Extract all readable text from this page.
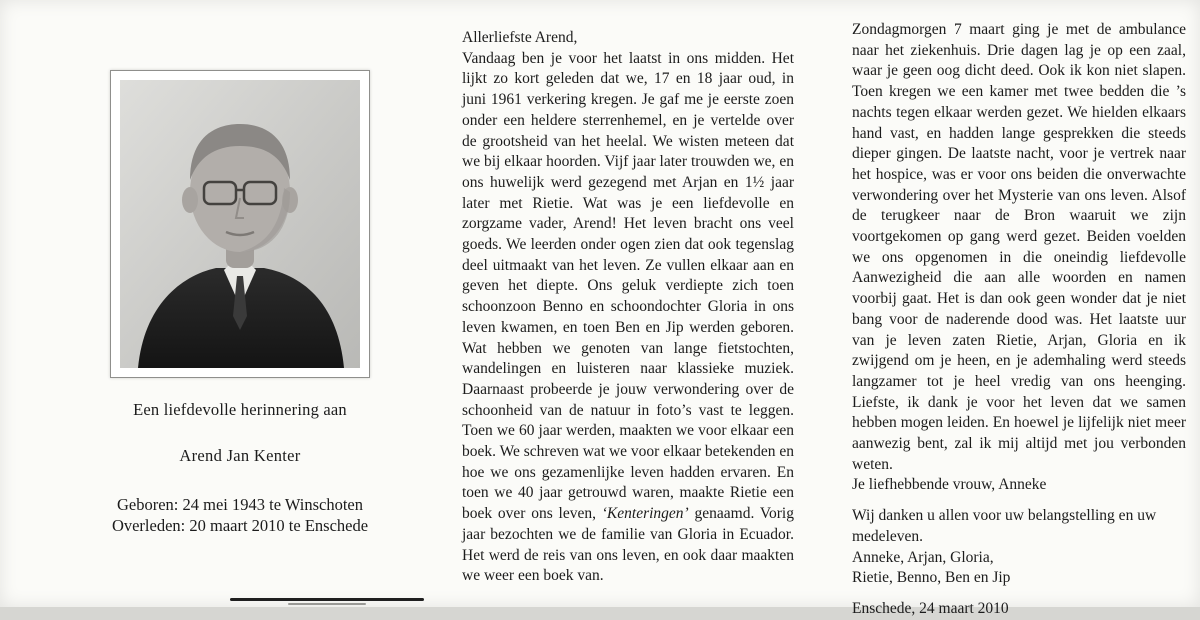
Een liefdevolle herinnering aan

Arend Jan Kenter

Geboren: 24 mei 1943 te Winschoten

Overleden: 20 maart 2010 te Enschede

Allerliefste Arend,

Vandaag ben je voor het laatst in ons midden. Het lijkt zo kort geleden dat we, 17 en 18 jaar oud, in juni 1961 verkering kregen. Je gaf me je eerste zoen onder een heldere sterrenhemel, en je vertelde over de grootsheid van het heelal. We wisten meteen dat we bij elkaar hoorden. Vijf jaar later trouwden we, en ons huwelijk werd gezegend met Arjan en 1½ jaar later met Rietie. Wat was je een liefdevolle en zorgzame vader, Arend! Het leven bracht ons veel goeds. We leerden onder ogen zien dat ook tegenslag deel uitmaakt van het leven. Ze vullen elkaar aan en geven het diepte. Ons geluk verdiepte zich toen schoonzoon Benno en schoondochter Gloria in ons leven kwamen, en toen Ben en Jip werden geboren. Wat hebben we genoten van lange fietstochten, wandelingen en luisteren naar klassieke muziek. Daarnaast probeerde je jouw verwondering over de schoonheid van de natuur in foto’s vast te leggen. Toen we 60 jaar werden, maakten we voor elkaar een boek. We schreven wat we voor elkaar betekenden en hoe we ons gezamenlijke leven hadden ervaren. En toen we 40 jaar getrouwd waren, maakte Rietie een boek over ons leven, ‘Kenteringen’ genaamd. Vorig jaar bezochten we de familie van Gloria in Ecuador. Het werd de reis van ons leven, en ook daar maakten we weer een boek van.

Zondagmorgen 7 maart ging je met de ambulance naar het ziekenhuis. Drie dagen lag je op een zaal, waar je geen oog dicht deed. Ook ik kon niet slapen. Toen kregen we een kamer met twee bedden die ’s nachts tegen elkaar werden gezet. We hielden elkaars hand vast, en hadden lange gesprekken die steeds dieper gingen. De laatste nacht, voor je vertrek naar het hospice, was er voor ons beiden die onverwachte verwondering over het Mysterie van ons leven. Alsof de terugkeer naar de Bron waaruit we zijn voortgekomen op gang werd gezet. Beiden voelden we ons opgenomen in die oneindig liefdevolle Aanwezigheid die aan alle woorden en namen voorbij gaat. Het is dan ook geen wonder dat je niet bang voor de naderende dood was. Het laatste uur van je leven zaten Rietie, Arjan, Gloria en ik zwijgend om je heen, en je ademhaling werd steeds langzamer tot je heel vredig van ons heenging. Liefste, ik dank je voor het leven dat we samen hebben mogen leiden. En hoewel je lijfelijk niet meer aanwezig bent, zal ik mij altijd met jou verbonden weten.

Je liefhebbende vrouw, Anneke

Wij danken u allen voor uw belangstelling en uw medeleven.

Anneke, Arjan, Gloria,

Rietie, Benno, Ben en Jip

Enschede, 24 maart 2010
